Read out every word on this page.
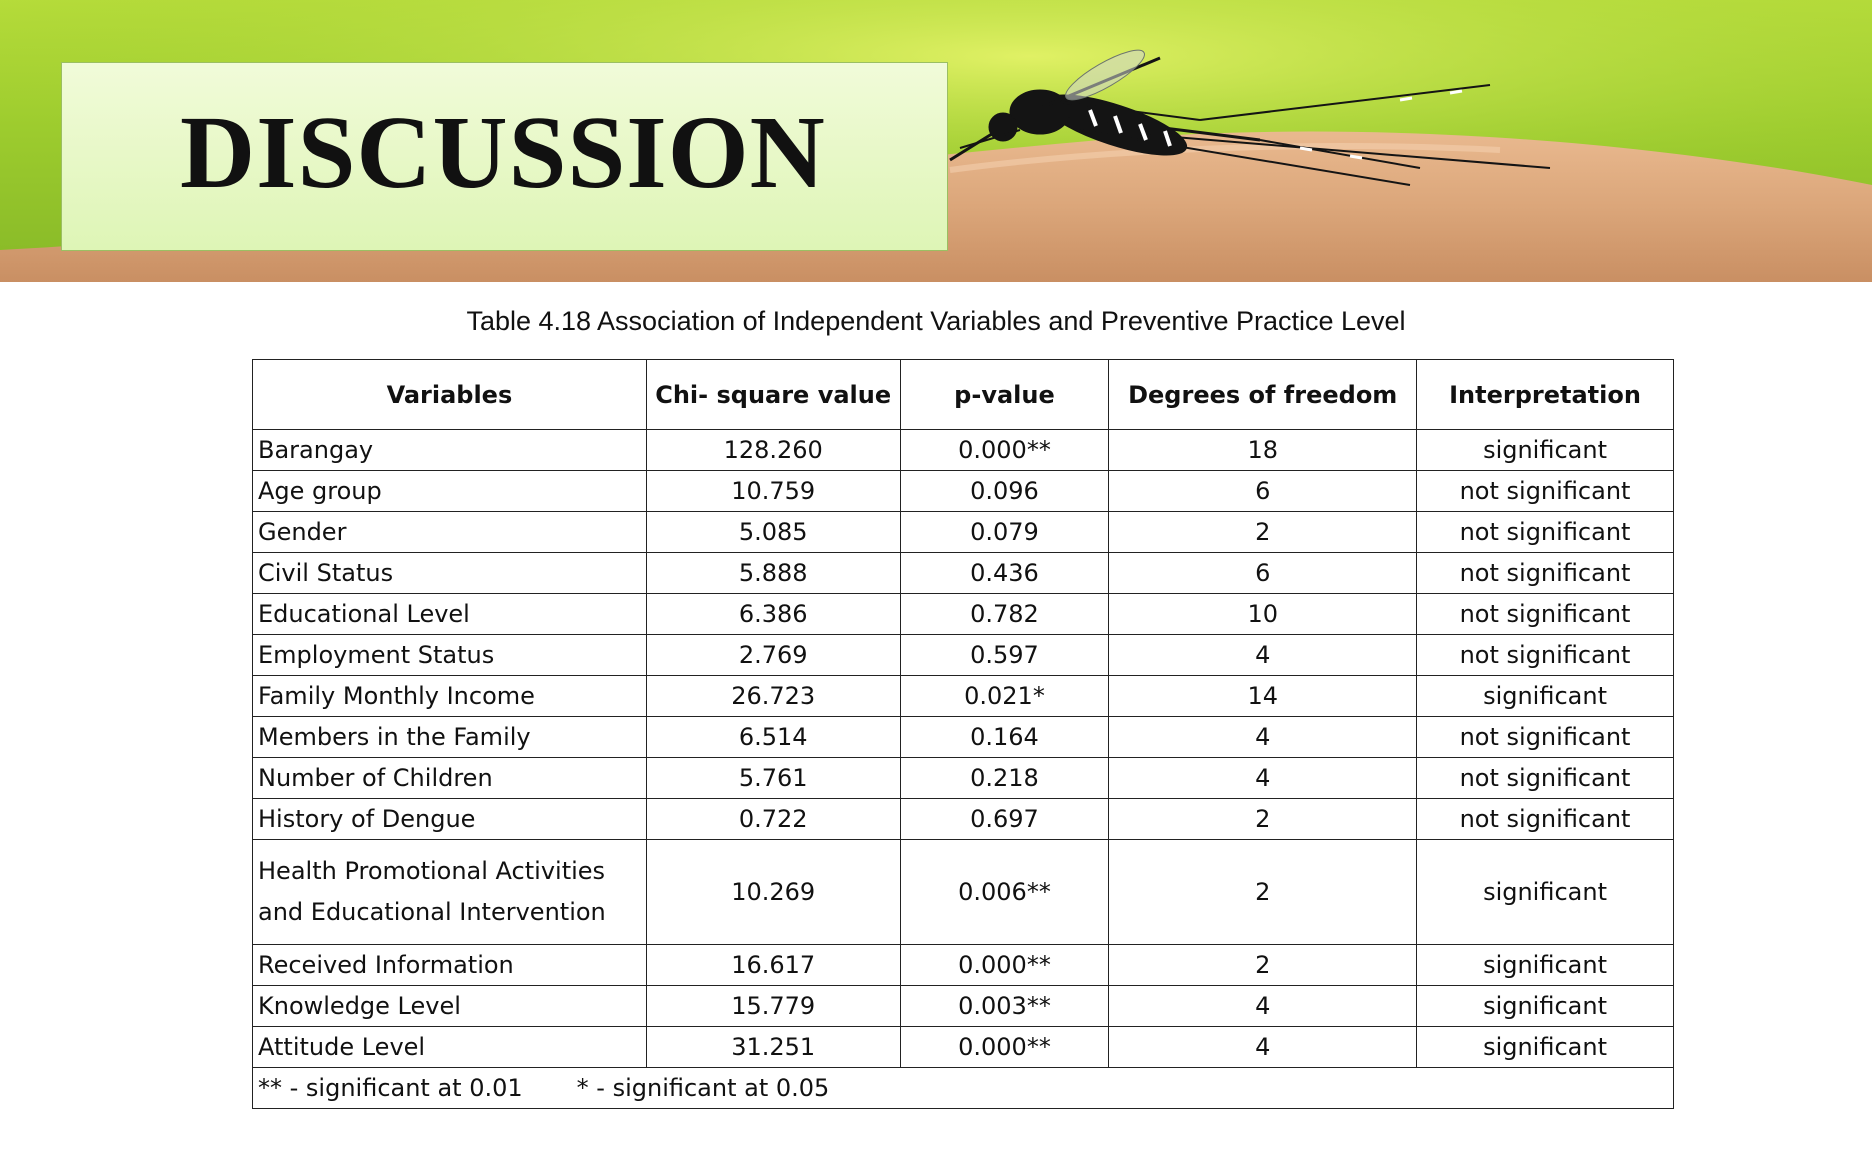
DISCUSSION
Table 4.18 Association of Independent Variables and Preventive Practice Level
Variables	Chi- square value	p-value	Degrees of freedom	Interpretation
Barangay	128.260	0.000**	18	significant
Age group	10.759	0.096	6	not significant
Gender	5.085	0.079	2	not significant
Civil Status	5.888	0.436	6	not significant
Educational Level	6.386	0.782	10	not significant
Employment Status	2.769	0.597	4	not significant
Family Monthly Income	26.723	0.021*	14	significant
Members in the Family	6.514	0.164	4	not significant
Number of Children	5.761	0.218	4	not significant
History of Dengue	0.722	0.697	2	not significant
Health Promotional Activities and Educational Intervention	10.269	0.006**	2	significant
Received Information	16.617	0.000**	2	significant
Knowledge Level	15.779	0.003**	4	significant
Attitude Level	31.251	0.000**	4	significant
** - significant at 0.01 * - significant at 0.05				
